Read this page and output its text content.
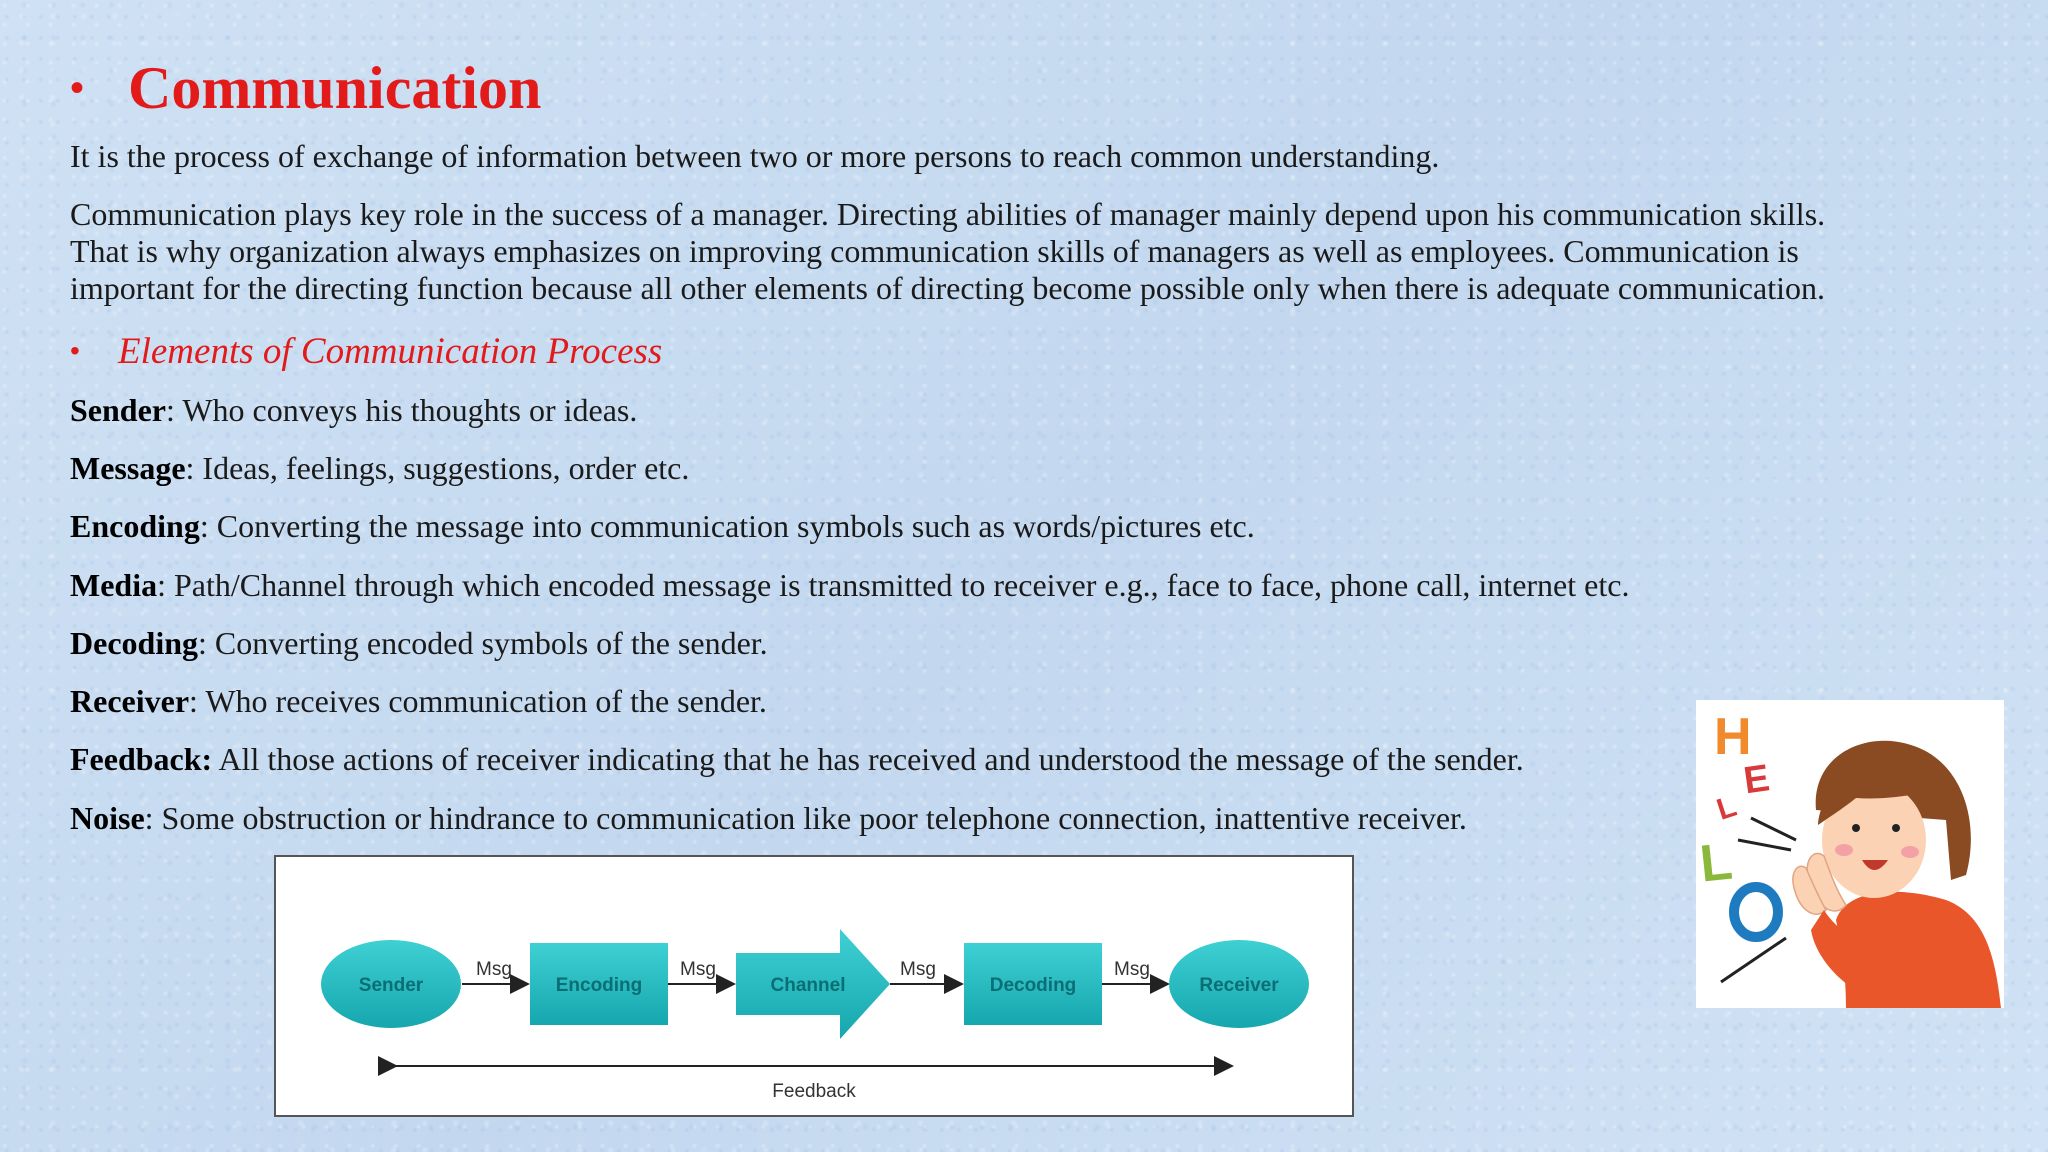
• Communication
It is the process of exchange of information between two or more persons to reach common understanding.
Communication plays key role in the success of a manager. Directing abilities of manager mainly depend upon his communication skills.
That is why organization always emphasizes on improving communication skills of managers as well as employees. Communication is
important for the directing function because all other elements of directing become possible only when there is adequate communication.
•	Elements of Communication Process
Sender: Who conveys his thoughts or ideas.
Message: Ideas, feelings, suggestions, order etc.
Encoding: Converting the message into communication symbols such as words/pictures etc.
Media: Path/Channel through which encoded message is transmitted to receiver e.g., face to face, phone call, internet etc.
Decoding: Converting encoded symbols of the sender.
Receiver: Who receives communication of the sender.
Feedback: All those actions of receiver indicating that he has received and understood the message of the sender.
Noise: Some obstruction or hindrance to communication like poor telephone connection, inattentive receiver.
Sender
Msg
Encoding
Msg
Channel
Msg
Decoding
Msg
Receiver
Feedback
H
E
L
L
